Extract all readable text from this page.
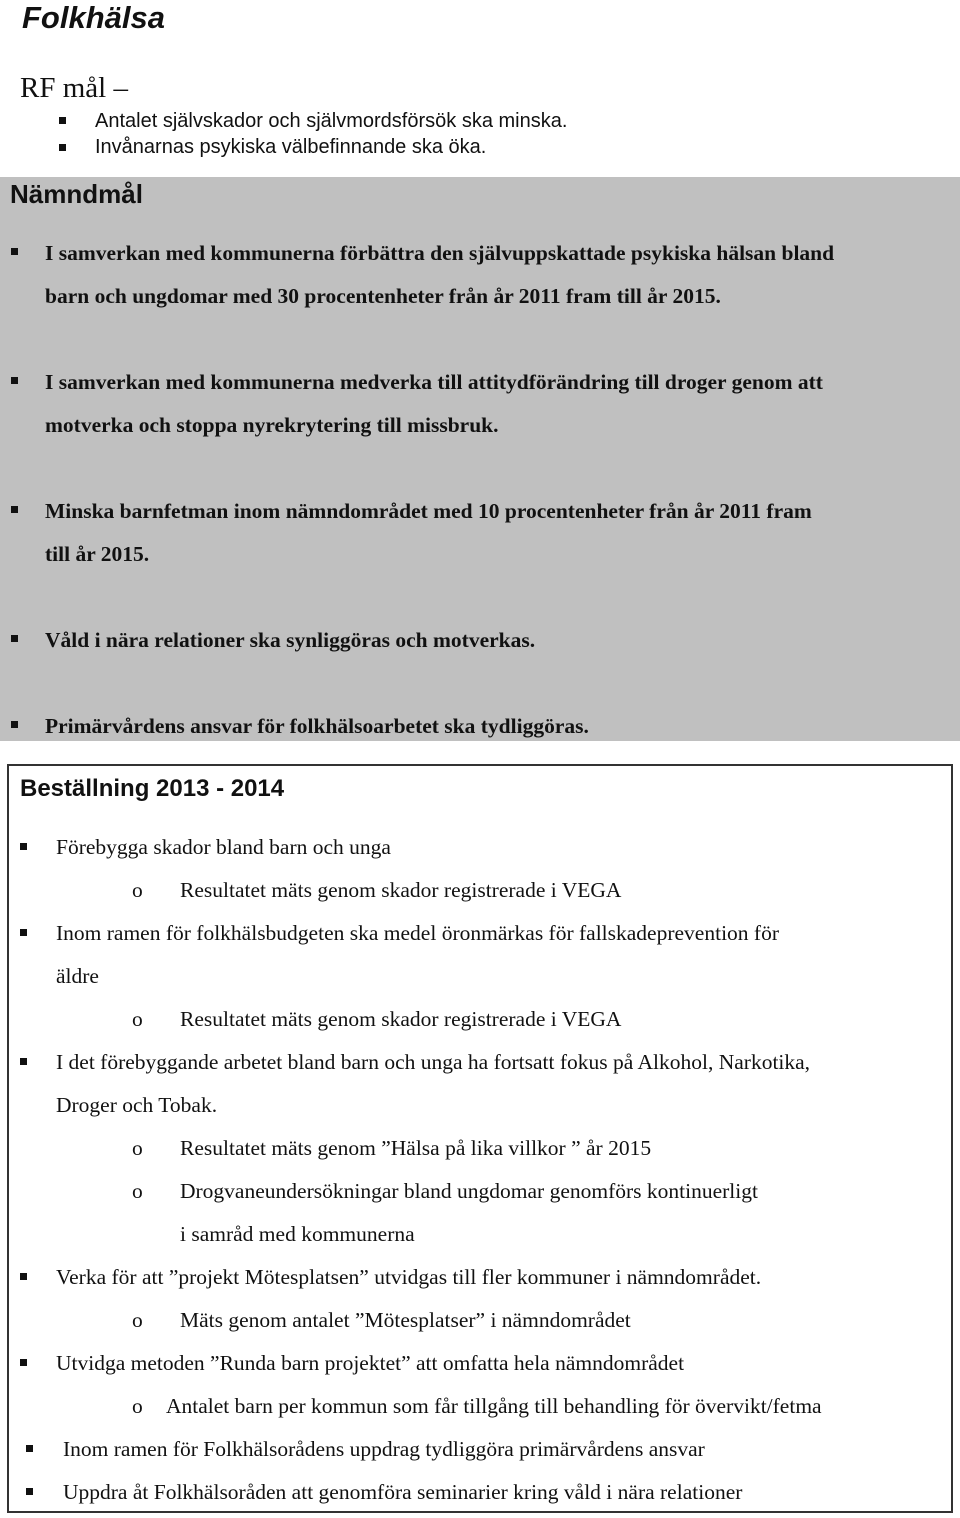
Folkhälsa
RF mål –
Antalet självskador och självmordsförsök ska minska.
Invånarnas psykiska välbefinnande ska öka.
Nämndmål
I samverkan med kommunerna förbättra den självuppskattade psykiska hälsan bland
barn och ungdomar med 30 procentenheter från år 2011 fram till år 2015.
I samverkan med kommunerna medverka till attitydförändring till droger genom att
motverka och stoppa nyrekrytering till missbruk.
Minska barnfetman inom nämndområdet med 10 procentenheter från år 2011 fram
till år 2015.
Våld i nära relationer ska synliggöras och motverkas.
Primärvårdens ansvar för folkhälsoarbetet ska tydliggöras.
Beställning 2013 - 2014
Förebygga skador bland barn och unga
o Resultatet mäts genom skador registrerade i VEGA
Inom ramen för folkhälsbudgeten ska medel öronmärkas för fallskadeprevention för
äldre
o Resultatet mäts genom skador registrerade i VEGA
I det förebyggande arbetet bland barn och unga ha fortsatt fokus på Alkohol, Narkotika,
Droger och Tobak.
o Resultatet mäts genom ”Hälsa på lika villkor ” år 2015
o Drogvaneundersökningar bland ungdomar genomförs kontinuerligt
i samråd med kommunerna
Verka för att ”projekt Mötesplatsen” utvidgas till fler kommuner i nämndområdet.
o Mäts genom antalet ”Mötesplatser” i nämndområdet
Utvidga metoden ”Runda barn projektet” att omfatta hela nämndområdet
o Antalet barn per kommun som får tillgång till behandling för övervikt/fetma
Inom ramen för Folkhälsorådens uppdrag tydliggöra primärvårdens ansvar
Uppdra åt Folkhälsoråden att genomföra seminarier kring våld i nära relationer
